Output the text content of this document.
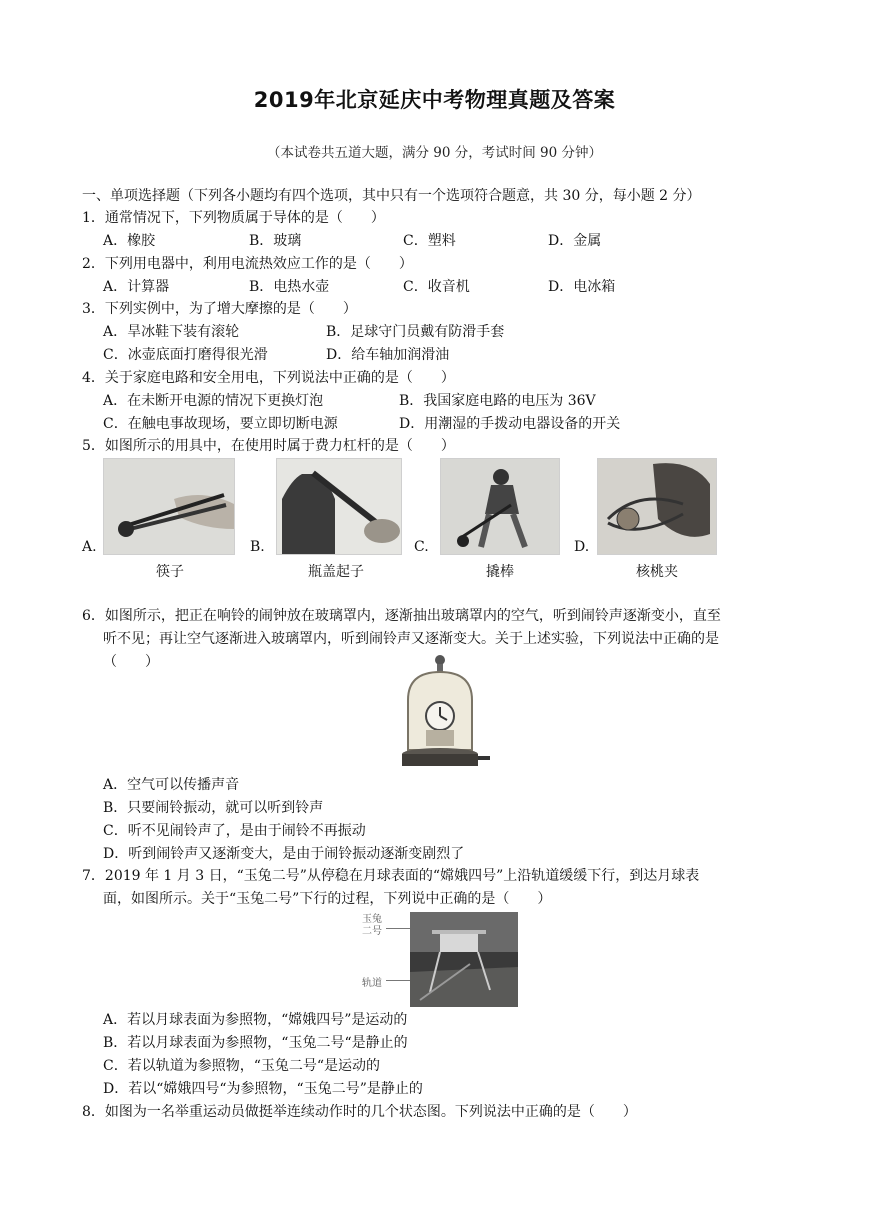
2019年北京延庆中考物理真题及答案
（本试卷共五道大题，满分 90 分，考试时间 90 分钟）
一、单项选择题（下列各小题均有四个选项，其中只有一个选项符合题意，共 30 分，每小题 2 分）
1．通常情况下，下列物质属于导体的是（　　）
A．橡胶	B．玻璃	C．塑料	D．金属
2．下列用电器中，利用电流热效应工作的是（　　）
A．计算器	B．电热水壶	C．收音机	D．电冰箱
3．下列实例中，为了增大摩擦的是（　　）
A．旱冰鞋下装有滚轮	B．足球守门员戴有防滑手套
C．冰壶底面打磨得很光滑	D．给车轴加润滑油
4．关于家庭电路和安全用电，下列说法中正确的是（　　）
A．在未断开电源的情况下更换灯泡	B．我国家庭电路的电压为 36V
C．在触电事故现场，要立即切断电源	D．用潮湿的手拨动电器设备的开关
5．如图所示的用具中，在使用时属于费力杠杆的是（　　）
A.
筷子
B.
瓶盖起子
C.
撬棒
D.
核桃夹
6．如图所示，把正在响铃的闹钟放在玻璃罩内，逐渐抽出玻璃罩内的空气，听到闹铃声逐渐变小，直至
听不见；再让空气逐渐进入玻璃罩内，听到闹铃声又逐渐变大。关于上述实验，下列说法中正确的是
（　　）
A．空气可以传播声音
B．只要闹铃振动，就可以听到铃声
C．听不见闹铃声了，是由于闹铃不再振动
D．听到闹铃声又逐渐变大，是由于闹铃振动逐渐变剧烈了
7．2019 年 1 月 3 日，“玉兔二号”从停稳在月球表面的“嫦娥四号”上沿轨道缓缓下行，到达月球表
面，如图所示。关于“玉兔二号”下行的过程，下列说中正确的是（　　）
玉兔二号
轨道
A．若以月球表面为参照物，“嫦娥四号”是运动的
B．若以月球表面为参照物，“玉兔二号“是静止的
C．若以轨道为参照物，“玉兔二号“是运动的
D．若以“嫦娥四号“为参照物，“玉兔二号”是静止的
8．如图为一名举重运动员做挺举连续动作时的几个状态图。下列说法中正确的是（　　）
